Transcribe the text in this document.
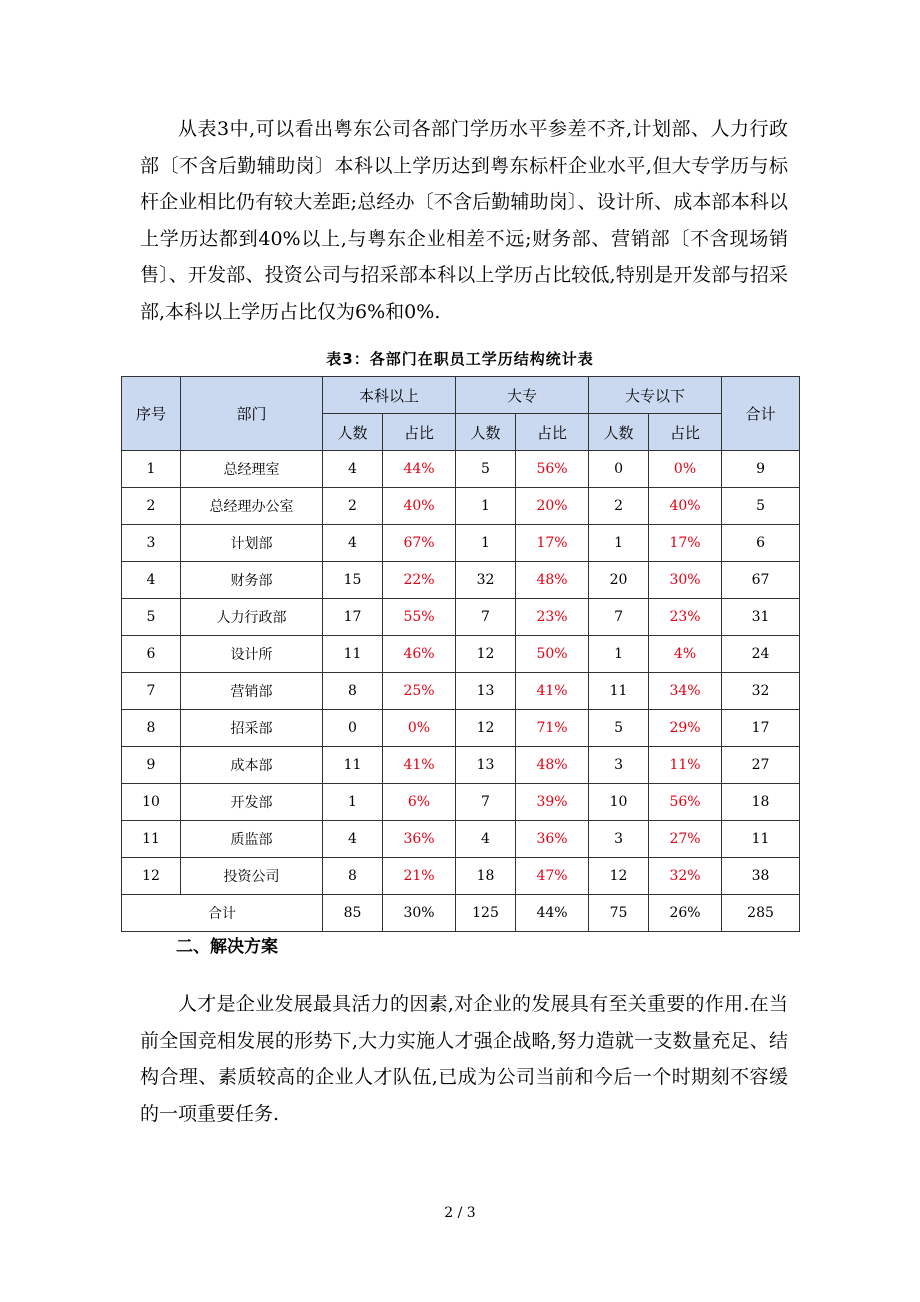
从表3中,可以看出粤东公司各部门学历水平参差不齐,计划部、人力行政部〔不含后勤辅助岗〕本科以上学历达到粤东标杆企业水平,但大专学历与标杆企业相比仍有较大差距;总经办〔不含后勤辅助岗〕、设计所、成本部本科以上学历达都到40%以上,与粤东企业相差不远;财务部、营销部〔不含现场销售〕、开发部、投资公司与招采部本科以上学历占比较低,特别是开发部与招采部,本科以上学历占比仅为6%和0%.

表3：各部门在职员工学历结构统计表
序号	部门	本科以上		大专		大专以下		合计
		人数	占比	人数	占比	人数	占比	
1	总经理室	4	44%	5	56%	0	0%	9
2	总经理办公室	2	40%	1	20%	2	40%	5
3	计划部	4	67%	1	17%	1	17%	6
4	财务部	15	22%	32	48%	20	30%	67
5	人力行政部	17	55%	7	23%	7	23%	31
6	设计所	11	46%	12	50%	1	4%	24
7	营销部	8	25%	13	41%	11	34%	32
8	招采部	0	0%	12	71%	5	29%	17
9	成本部	11	41%	13	48%	3	11%	27
10	开发部	1	6%	7	39%	10	56%	18
11	质监部	4	36%	4	36%	3	27%	11
12	投资公司	8	21%	18	47%	12	32%	38
合计		85	30%	125	44%	75	26%	285
二、解决方案

人才是企业发展最具活力的因素,对企业的发展具有至关重要的作用.在当前全国竞相发展的形势下,大力实施人才强企战略,努力造就一支数量充足、结构合理、素质较高的企业人才队伍,已成为公司当前和今后一个时期刻不容缓的一项重要任务.

2 / 3
